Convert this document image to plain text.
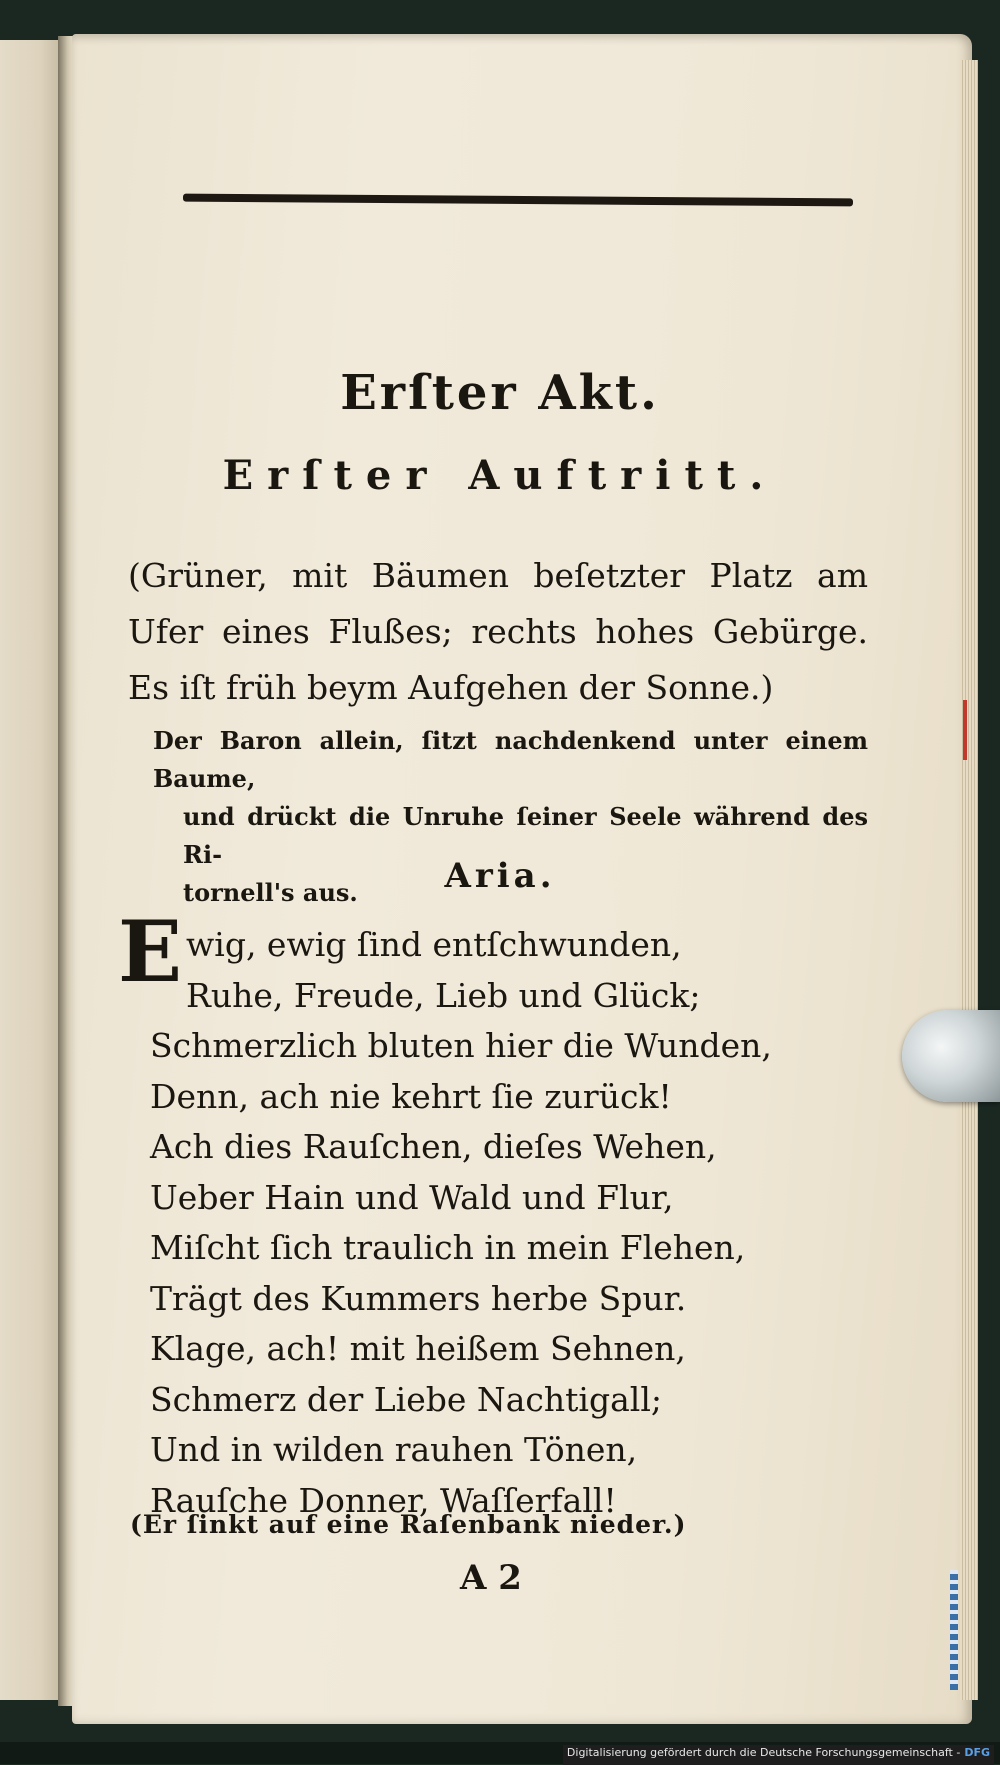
Erſter Akt.
Erſter Auftritt.
(Grüner, mit Bäumen beſetzter Platz am Ufer eines Flußes; rechts hohes Gebürge. Es iſt früh beym Aufgehen der Sonne.)
Der Baron allein, ſitzt nachdenkend unter einem Baume,
und drückt die Unruhe ſeiner Seele während des Ri-
tornell's aus.	Aria.
E wig, ewig ſind entſchwunden,
Ruhe, Freude, Lieb und Glück;
Schmerzlich bluten hier die Wunden,
Denn, ach nie kehrt ſie zurück!
Ach dies Rauſchen, dieſes Wehen,
Ueber Hain und Wald und Flur,
Miſcht ſich traulich in mein Flehen,
Trägt des Kummers herbe Spur.
Klage, ach! mit heißem Sehnen,
Schmerz der Liebe Nachtigall;
Und in wilden rauhen Tönen,
Rauſche Donner, Waſſerfall!
(Er ſinkt auf eine Raſenbank nieder.)
A 2
Digitalisierung gefördert durch die Deutsche Forschungsgemeinschaft - DFG
